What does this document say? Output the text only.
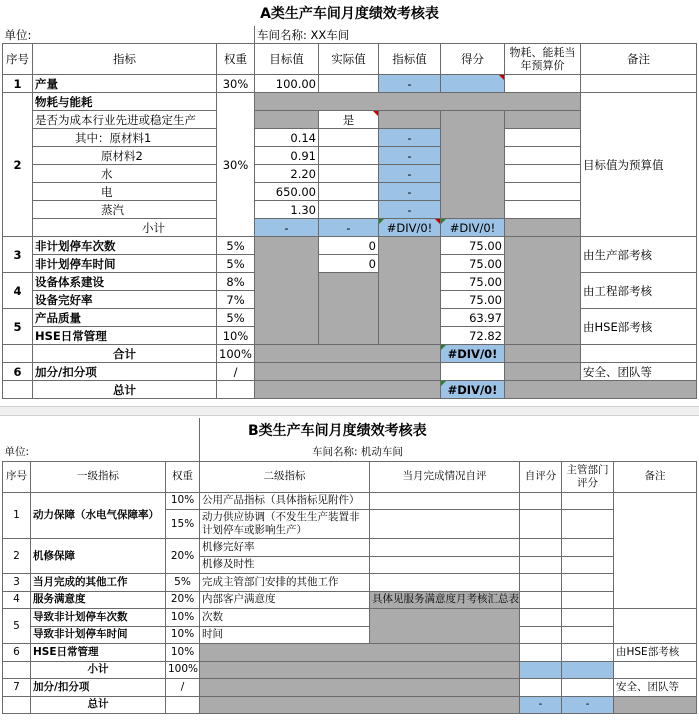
A类生产车间月度绩效考核表								
单位:			车间名称: XX车间					
序号	指标	权重	目标值	实际值	指标值	得分	物耗、能耗当年预算价	备注
1	产量	30%	100.00		-			
2	物耗与能耗	30%						目标值为预算值
	是否为成本行业先进或稳定生产			是				
	其中：原材料1		0.14		-			
	原材料2		0.91		-			
	水		2.20		-			
	电		650.00		-			
	蒸汽		1.30		-			
	小计		-	-	#DIV/0!	#DIV/0!		
3	非计划停车次数	5%		0		75.00		由生产部考核
	非计划停车时间	5%		0		75.00		
4	设备体系建设	8%				75.00		由工程部考核
	设备完好率	7%				75.00		
5	产品质量	5%				63.97		由HSE部考核
	HSE日常管理	10%				72.82		
	合计	100%				#DIV/0!		
6	加分/扣分项	/						安全、团队等
	总计					#DIV/0!		
			B类生产车间月度绩效考核表					
单位:			车间名称: 机动车间					
序号	一级指标	权重	二级指标	当月完成情况自评	自评分	主管部门评分	备注	
1	动力保障（水电气保障率）	10%	公用产品指标（具体指标见附件）					
		15%	动力供应协调（不发生生产装置非计划停车或影响生产）					
2	机修保障	20%	机修完好率					
			机修及时性					
3	当月完成的其他工作	5%	完成主管部门安排的其他工作					
4	服务满意度	20%	内部客户满意度	具体见服务满意度月考核汇总表			
5	导致非计划停车次数	10%	次数					
	导致非计划停车时间	10%	时间					
6	HSE日常管理	10%					由HSE部考核	
	小计	100%						
7	加分/扣分项	/					安全、团队等	
	总计				-	-		
